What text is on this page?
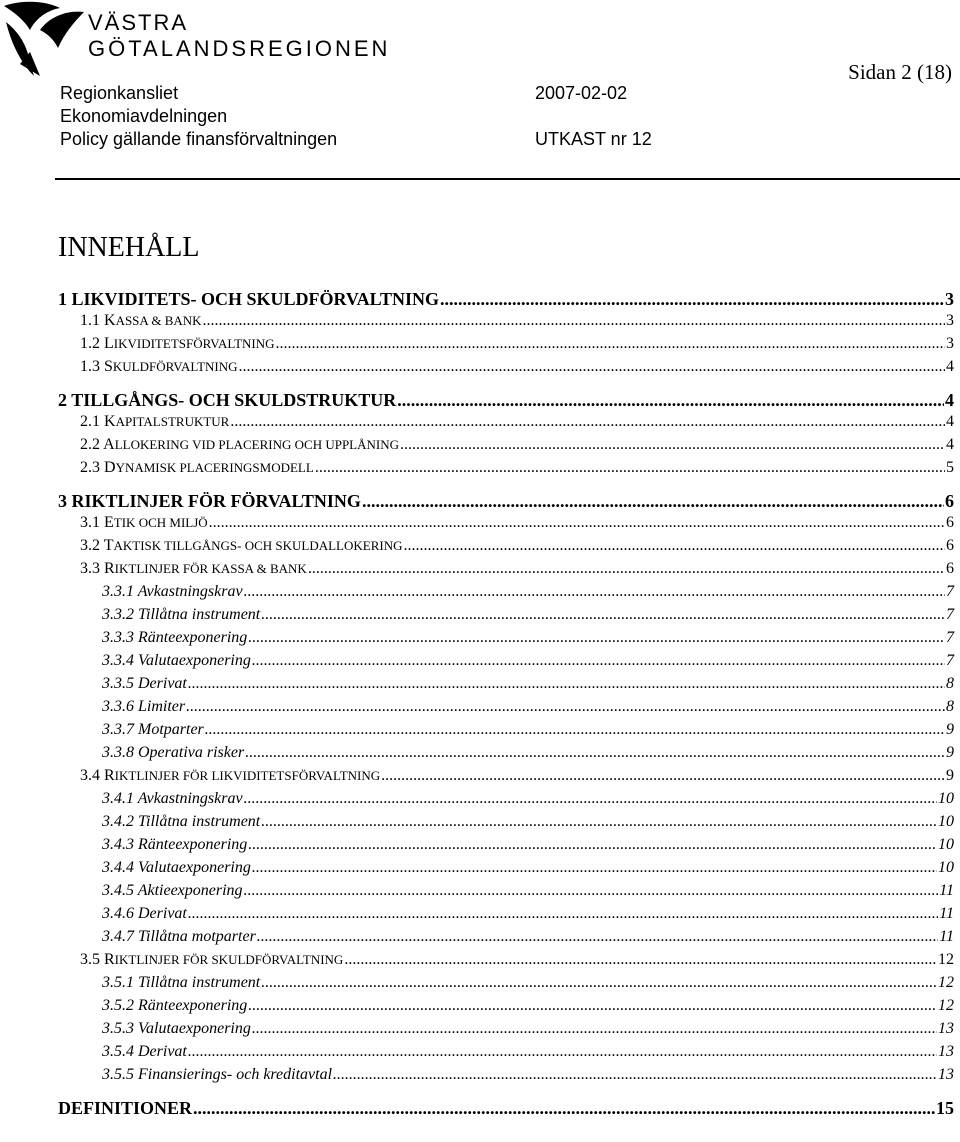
VÄSTRA
GÖTALANDSREGIONEN
Regionkansliet
Ekonomiavdelningen
Policy gällande finansförvaltningen
2007-02-02
UTKAST nr 12
Sidan 2 (18)
INNEHÅLL
1 LIKVIDITETS- OCH SKULDFÖRVALTNING .....	3
1.1 KASSA & BANK .....	3
1.2 LIKVIDITETSFÖRVALTNING .....	3
1.3 SKULDFÖRVALTNING .....	4
2 TILLGÅNGS- OCH SKULDSTRUKTUR .....	4
2.1 KAPITALSTRUKTUR .....	4
2.2 ALLOKERING VID PLACERING OCH UPPLÅNING .....	4
2.3 DYNAMISK PLACERINGSMODELL .....	5
3 RIKTLINJER FÖR FÖRVALTNING .....	6
3.1 ETIK OCH MILJÖ .....	6
3.2 TAKTISK TILLGÅNGS- OCH SKULDALLOKERING .....	6
3.3 RIKTLINJER FÖR KASSA & BANK .....	6
3.3.1 Avkastningskrav .....	7
3.3.2 Tillåtna instrument .....	7
3.3.3 Ränteexponering .....	7
3.3.4 Valutaexponering .....	7
3.3.5 Derivat .....	8
3.3.6 Limiter .....	8
3.3.7 Motparter .....	9
3.3.8 Operativa risker .....	9
3.4 RIKTLINJER FÖR LIKVIDITETSFÖRVALTNING .....	9
3.4.1 Avkastningskrav .....	10
3.4.2 Tillåtna instrument .....	10
3.4.3 Ränteexponering .....	10
3.4.4 Valutaexponering .....	10
3.4.5 Aktieexponering .....	11
3.4.6 Derivat .....	11
3.4.7 Tillåtna motparter .....	11
3.5 RIKTLINJER FÖR SKULDFÖRVALTNING .....	12
3.5.1 Tillåtna instrument .....	12
3.5.2 Ränteexponering .....	12
3.5.3 Valutaexponering .....	13
3.5.4 Derivat .....	13
3.5.5 Finansierings- och kreditavtal .....	13
DEFINITIONER .....	15
